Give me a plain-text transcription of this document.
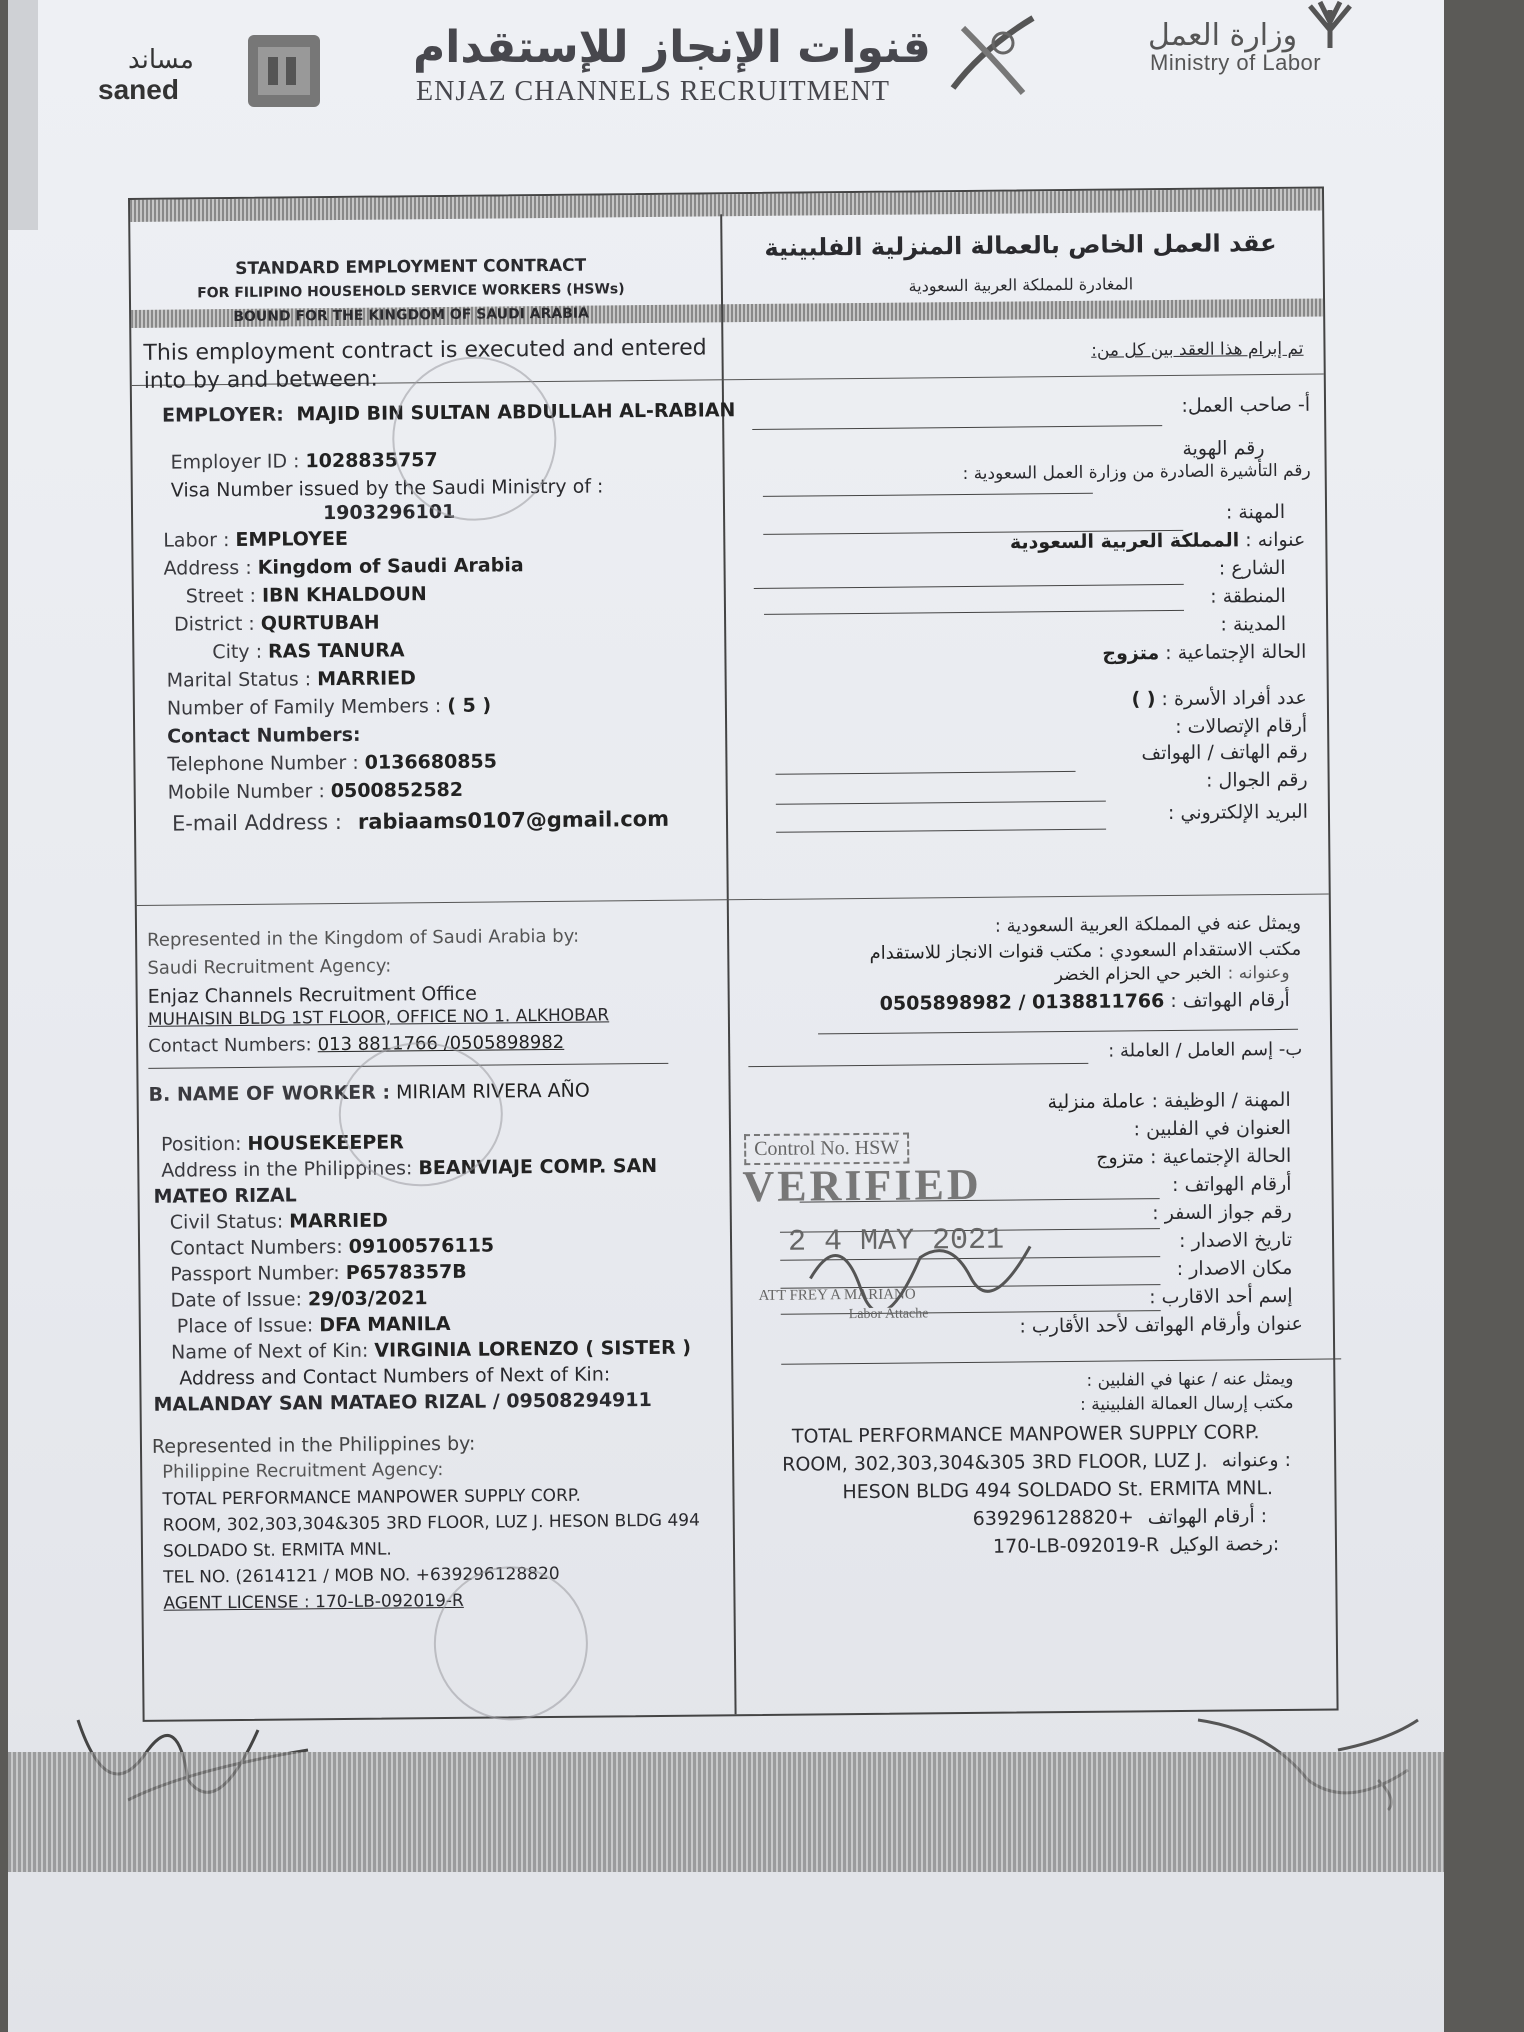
مساند
saned
قنوات الإنجاز للإستقدام
ENJAZ CHANNELS RECRUITMENT
وزارة العمل
Ministry of Labor
STANDARD EMPLOYMENT CONTRACT
FOR FILIPINO HOUSEHOLD SERVICE WORKERS (HSWs)
BOUND FOR THE KINGDOM OF SAUDI ARABIA
عقد العمل الخاص بالعمالة المنزلية الفلبينية
المغادرة للمملكة العربية السعودية
تم إبرام هذا العقد بين كل من:
This employment contract is executed and entered
into by and between:
EMPLOYER: MAJID BIN SULTAN ABDULLAH AL-RABIAN
Employer ID : 1028835757
Visa Number issued by the Saudi Ministry of :
1903296101
Labor : EMPLOYEE
Address : Kingdom of Saudi Arabia
Street : IBN KHALDOUN
District : QURTUBAH
City : RAS TANURA
Marital Status : MARRIED
Number of Family Members : ( 5 )
Contact Numbers:
Telephone Number : 0136680855
Mobile Number : 0500852582
E-mail Address : rabiaams0107@gmail.com
أ- صاحب العمل:
رقم الهوية
رقم التأشيرة الصادرة من وزارة العمل السعودية :
المهنة :
عنوانه :المملكة العربية السعودية
الشارع :
المنطقة :
المدينة :
الحالة الإجتماعية :متزوج
عدد أفراد الأسرة :( )
أرقام الإتصالات :
رقم الهاتف / الهواتف
رقم الجوال :
البريد الإلكتروني :
Represented in the Kingdom of Saudi Arabia by:
Saudi Recruitment Agency:
Enjaz Channels Recruitment Office
MUHAISIN BLDG 1ST FLOOR, OFFICE NO 1. ALKHOBAR
Contact Numbers: 013 8811766 /0505898982
ويمثل عنه في المملكة العربية السعودية :
مكتب الاستقدام السعودي :مكتب قنوات الانجاز للاستقدام
وعنوانه :الخبر حي الحزام الخضر
أرقام الهواتف :0138811766 / 0505898982
ب- إسم العامل / العاملة :
B. NAME OF WORKER : MIRIAM RIVERA AÑO
Position: HOUSEKEEPER
Address in the Philippines: BEANVIAJE COMP. SAN
MATEO RIZAL
Civil Status: MARRIED
Contact Numbers: 09100576115
Passport Number: P6578357B
Date of Issue: 29/03/2021
Place of Issue: DFA MANILA
Name of Next of Kin: VIRGINIA LORENZO ( SISTER )
Address and Contact Numbers of Next of Kin:
MALANDAY SAN MATAEO RIZAL / 09508294911
المهنة / الوظيفة :عاملة منزلية
العنوان في الفلبين :
الحالة الإجتماعية :متزوج
أرقام الهواتف :
رقم جواز السفر :
تاريخ الاصدار :
مكان الاصدار :
إسم أحد الاقارب :
عنوان وأرقام الهواتف لأحد الأقارب :
Control No. HSW
VERIFIED
2 4 MAY 2021
ATT FREY A MARIANO
Labor Attache
Represented in the Philippines by:
Philippine Recruitment Agency:
TOTAL PERFORMANCE MANPOWER SUPPLY CORP.
ROOM, 302,303,304&305 3RD FLOOR, LUZ J. HESON BLDG 494
SOLDADO St. ERMITA MNL.
TEL NO. (2614121 / MOB NO. +639296128820
AGENT LICENSE : 170-LB-092019-R
ويمثل عنه / عنها في الفلبين :
مكتب إرسال العمالة الفلبينية :
TOTAL PERFORMANCE MANPOWER SUPPLY CORP.
ROOM, 302,303,304&305 3RD FLOOR, LUZ J. وعنوانه :
HESON BLDG 494 SOLDADO St. ERMITA MNL.
639296128820+ أرقام الهواتف :
170-LB-092019-R رخصة الوكيل:
